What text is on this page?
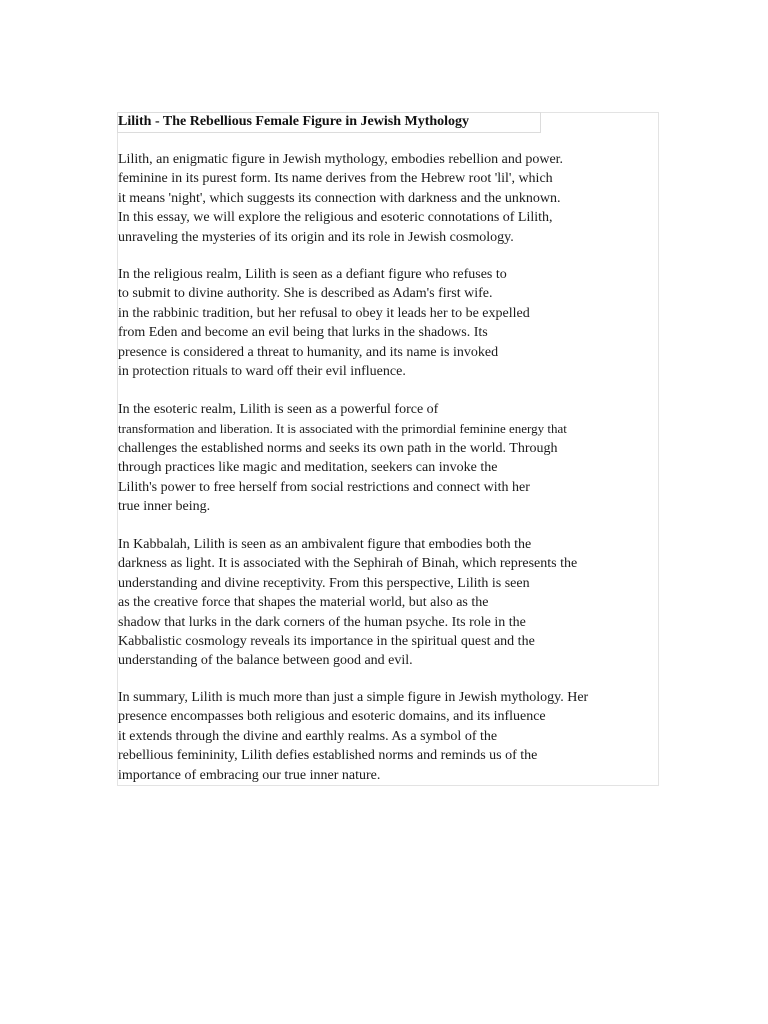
Lilith - The Rebellious Female Figure in Jewish Mythology
Lilith, an enigmatic figure in Jewish mythology, embodies rebellion and power.
feminine in its purest form. Its name derives from the Hebrew root 'lil', which
it means 'night', which suggests its connection with darkness and the unknown.
In this essay, we will explore the religious and esoteric connotations of Lilith,
unraveling the mysteries of its origin and its role in Jewish cosmology.
In the religious realm, Lilith is seen as a defiant figure who refuses to
to submit to divine authority. She is described as Adam's first wife.
in the rabbinic tradition, but her refusal to obey it leads her to be expelled
from Eden and become an evil being that lurks in the shadows. Its
presence is considered a threat to humanity, and its name is invoked
in protection rituals to ward off their evil influence.
In the esoteric realm, Lilith is seen as a powerful force of
transformation and liberation. It is associated with the primordial feminine energy that
challenges the established norms and seeks its own path in the world. Through
through practices like magic and meditation, seekers can invoke the
Lilith's power to free herself from social restrictions and connect with her
true inner being.
In Kabbalah, Lilith is seen as an ambivalent figure that embodies both the
darkness as light. It is associated with the Sephirah of Binah, which represents the
understanding and divine receptivity. From this perspective, Lilith is seen
as the creative force that shapes the material world, but also as the
shadow that lurks in the dark corners of the human psyche. Its role in the
Kabbalistic cosmology reveals its importance in the spiritual quest and the
understanding of the balance between good and evil.
In summary, Lilith is much more than just a simple figure in Jewish mythology. Her
presence encompasses both religious and esoteric domains, and its influence
it extends through the divine and earthly realms. As a symbol of the
rebellious femininity, Lilith defies established norms and reminds us of the
importance of embracing our true inner nature.
